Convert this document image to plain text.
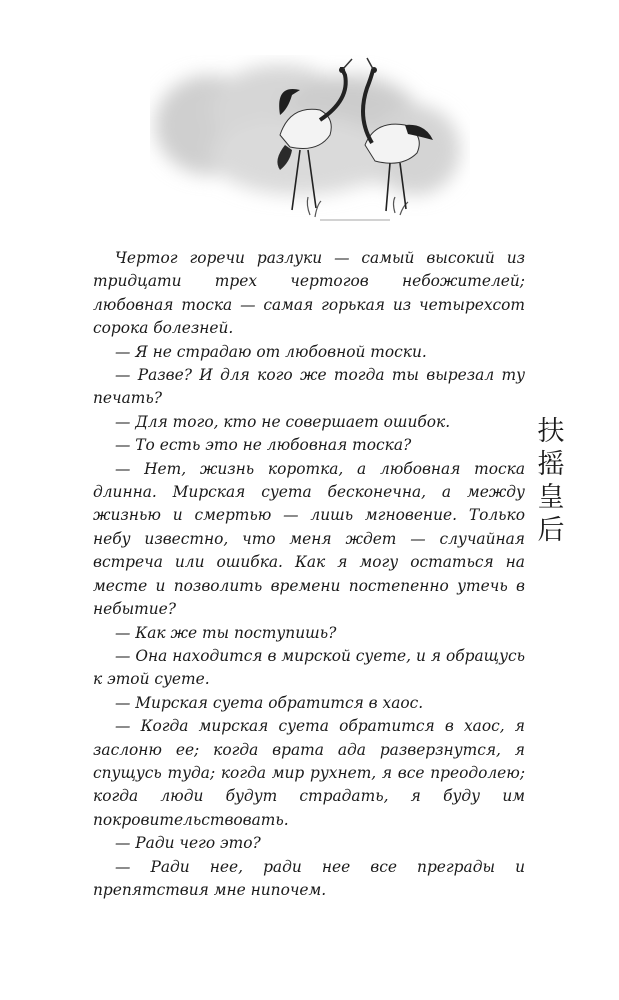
Чертог горечи разлуки — самый высокий из тридцати трех чертогов небожителей; любовная тоска — самая горькая из четырехсот сорока болезней.

— Я не страдаю от любовной тоски.

— Разве? И для кого же тогда ты вырезал ту печать?

— Для того, кто не совершает ошибок.

— То есть это не любовная тоска?

— Нет, жизнь коротка, а любовная тоска длинна. Мирская суета бесконечна, а между жизнью и смертью — лишь мгновение. Только небу известно, что меня ждет — случайная встреча или ошибка. Как я могу остаться на месте и позволить времени постепенно утечь в небытие?

— Как же ты поступишь?

— Она находится в мирской суете, и я обращусь к этой суете.

— Мирская суета обратится в хаос.

— Когда мирская суета обратится в хаос, я заслоню ее; когда врата ада разверзнутся, я спущусь туда; когда мир рухнет, я все преодолею; когда люди будут страдать, я буду им покровительствовать.

— Ради чего это?

— Ради нее, ради нее все преграды и препятствия мне нипочем.

扶
摇
皇
后
